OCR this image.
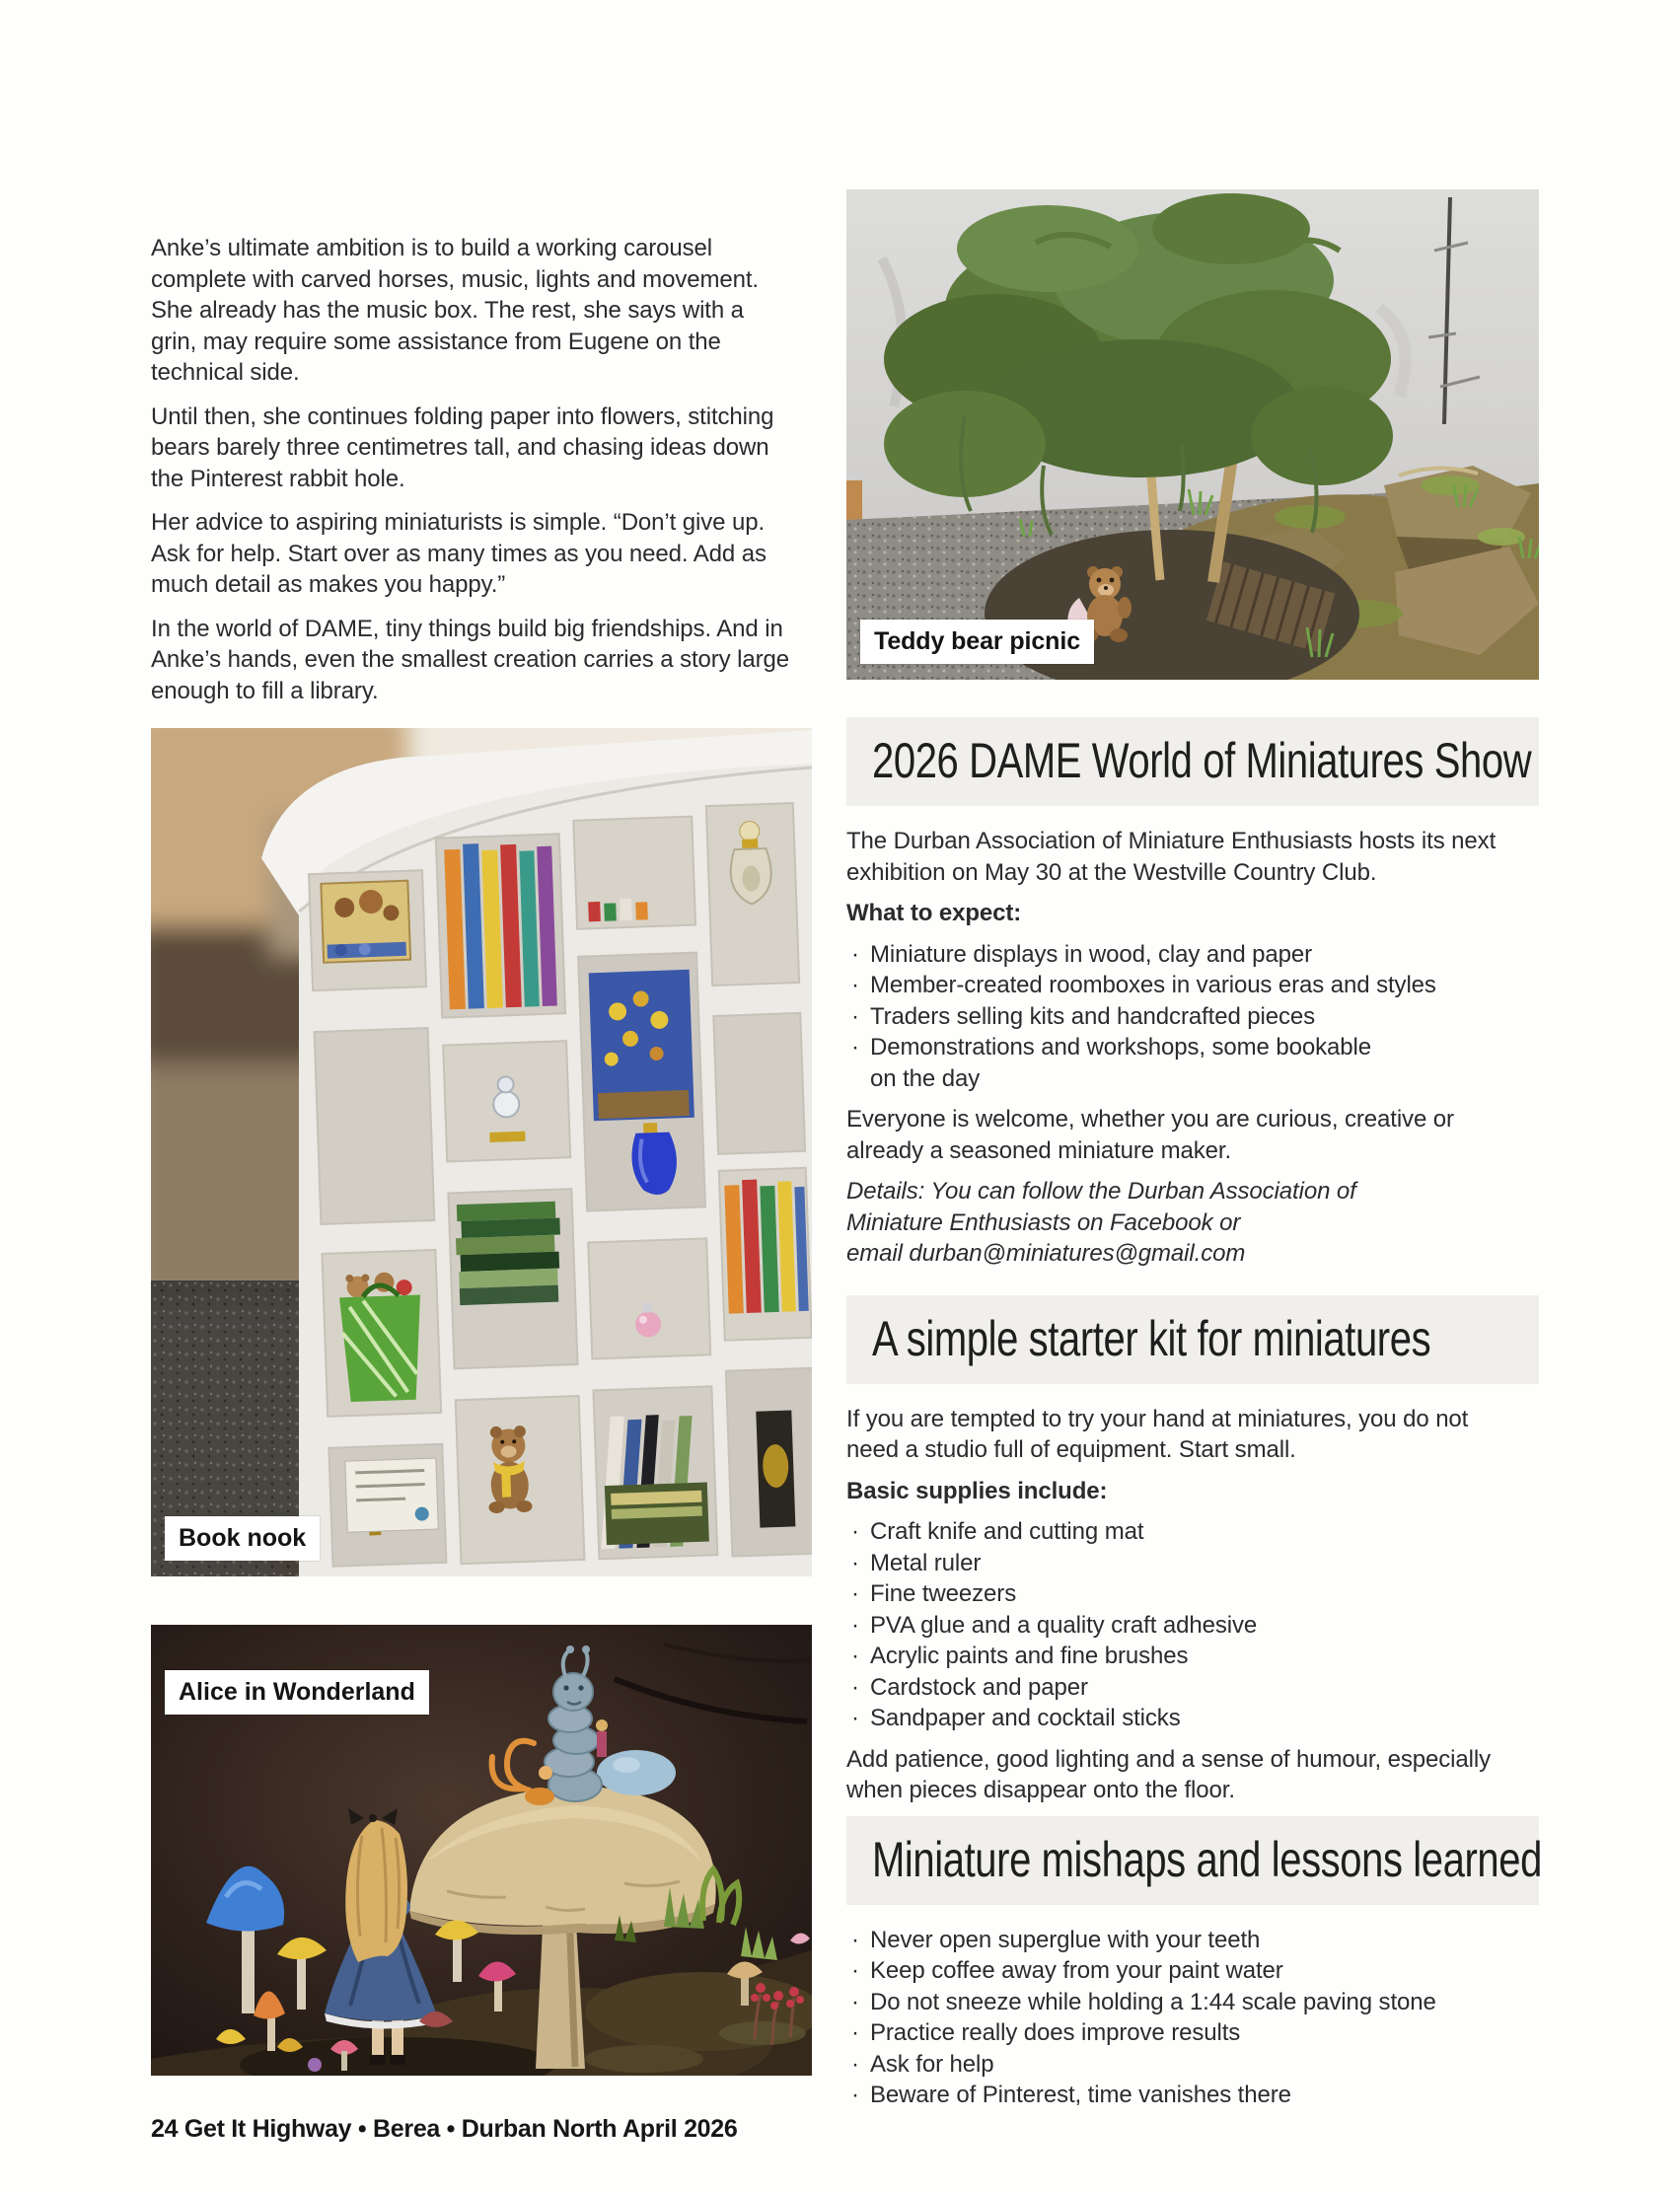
Anke’s ultimate ambition is to build a working carousel complete with carved horses, music, lights and movement. She already has the music box. The rest, she says with a grin, may require some assistance from Eugene on the technical side.

Until then, she continues folding paper into flowers, stitching bears barely three centimetres tall, and chasing ideas down the Pinterest rabbit hole.

Her advice to aspiring miniaturists is simple. “Don’t give up. Ask for help. Start over as many times as you need. Add as much detail as makes you happy.”

In the world of DAME, tiny things build big friendships. And in Anke’s hands, even the smallest creation carries a story large enough to fill a library.

Book nook
Alice in Wonderland
24 Get It Highway • Berea • Durban North April 2026
Teddy bear picnic
2026 DAME World of Miniatures Show

The Durban Association of Miniature Enthusiasts hosts its next exhibition on May 30 at the Westville Country Club.

What to expect:

· Miniature displays in wood, clay and paper
· Member-created roomboxes in various eras and styles
· Traders selling kits and handcrafted pieces
· Demonstrations and workshops, some bookable on the day

Everyone is welcome, whether you are curious, creative or already a seasoned miniature maker.

Details: You can follow the Durban Association of
Miniature Enthusiasts on Facebook or
email durban@miniatures@gmail.com
A simple starter kit for miniatures

If you are tempted to try your hand at miniatures, you do not need a studio full of equipment. Start small.

Basic supplies include:

· Craft knife and cutting mat
· Metal ruler
· Fine tweezers
· PVA glue and a quality craft adhesive
· Acrylic paints and fine brushes
· Cardstock and paper
· Sandpaper and cocktail sticks

Add patience, good lighting and a sense of humour, especially when pieces disappear onto the floor.

Miniature mishaps and lessons learned
· Never open superglue with your teeth
· Keep coffee away from your paint water
· Do not sneeze while holding a 1:44 scale paving stone
· Practice really does improve results
· Ask for help
· Beware of Pinterest, time vanishes there
